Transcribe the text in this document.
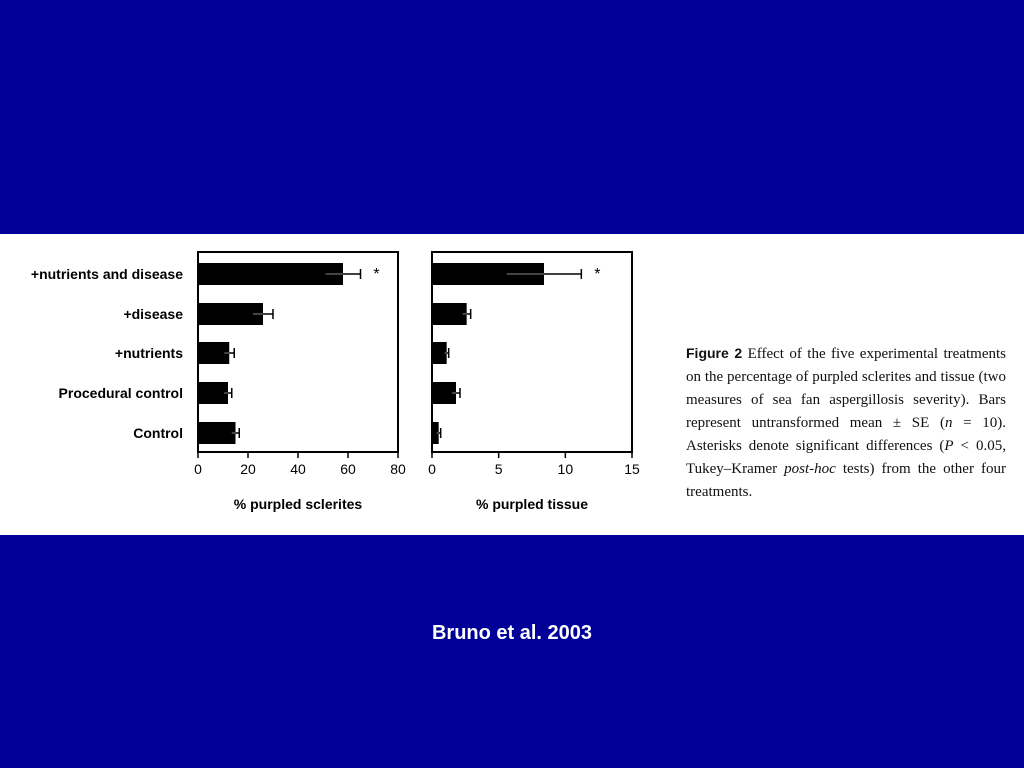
0	20 40 60 80
% purpled sclerites
+nutrients and disease	*
+disease
+nutrients
Procedural control
Control
0	5	10	15
% purpled tissue
*
Figure 2 Effect of the five experimental treatments on the percentage of purpled sclerites and tissue (two measures of sea fan aspergillosis severity). Bars represent untransformed mean ± SE (n = 10). Asterisks denote significant differences (P < 0.05, Tukey–Kramer post-hoc tests) from the other four treatments.
Bruno et al. 2003
